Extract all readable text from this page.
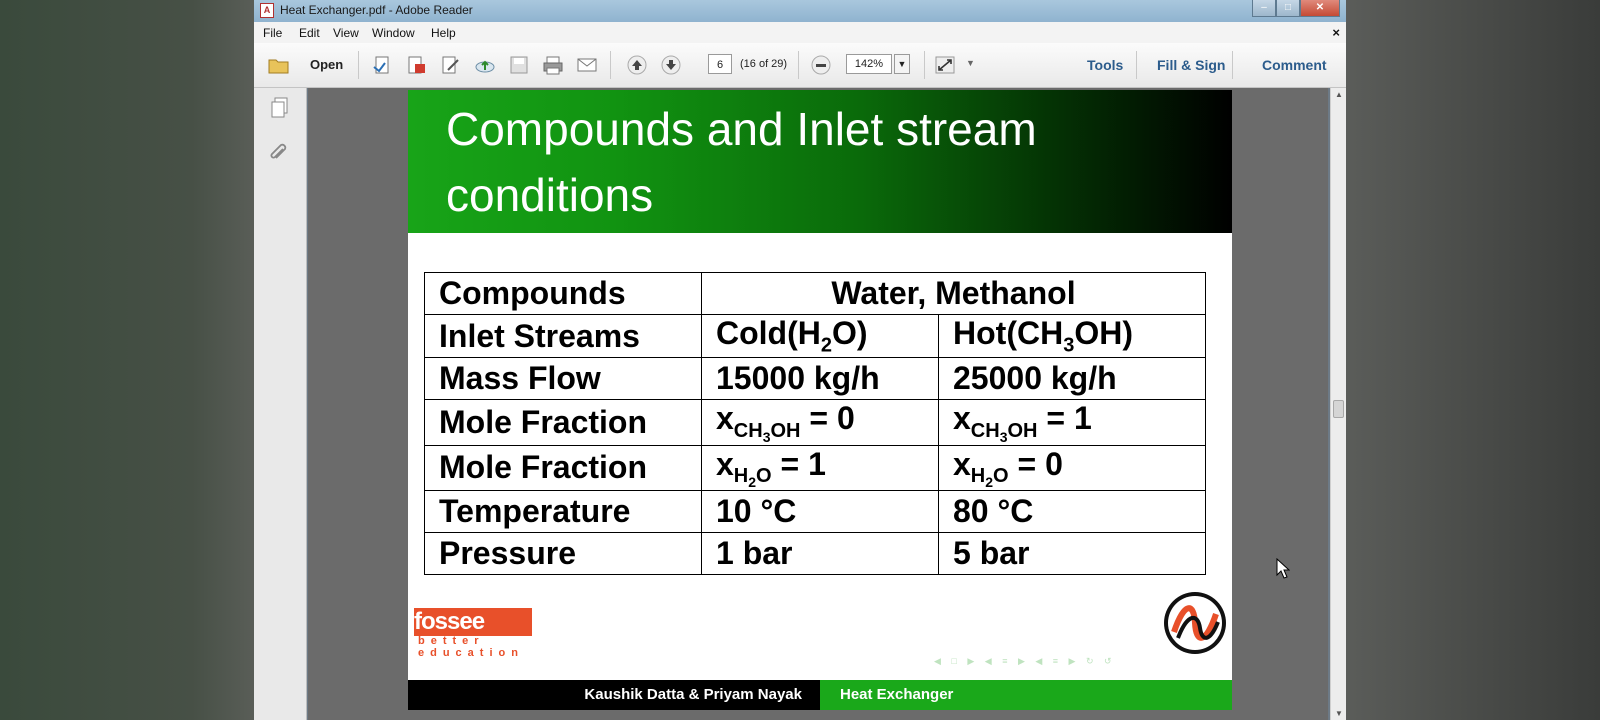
A Heat Exchanger.pdf - Adobe Reader	–	□	✕
File Edit View Window Help	×
Open	6	(16 of 29)	142%	▼	▼	Tools Fill & Sign	Comment
▲
▼
Compounds and Inlet stream
conditions
Compounds	Water, Methanol	
Inlet Streams	$Cold(H_2O)$	$Hot(CH_3OH)$
Mass Flow	15000 kg/h	25000 kg/h
Mole Fraction	$x_{CH_3OH} = 0$	$x_{CH_3OH} = 1$
Mole Fraction	$x_{H_2O} = 1$	$x_{H_2O} = 0$
Temperature	10 °C	80 °C
Pressure	1 bar	5 bar
fossee
better education
◀ □ ▶ ◀ ≡ ▶ ◀ ≡ ▶ ↻ ↺
Kaushik Datta & Priyam Nayak	Heat Exchanger
